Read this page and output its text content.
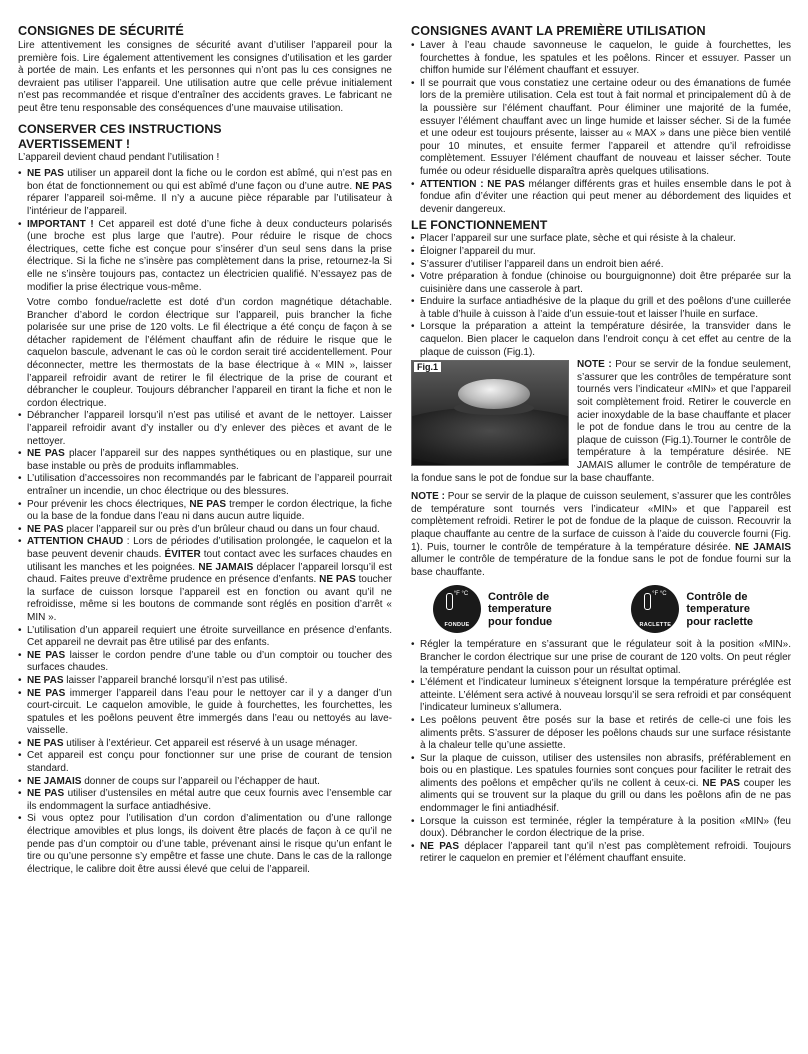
CONSIGNES DE SÉCURITÉ

Lire attentivement les consignes de sécurité avant d’utiliser l’appareil pour la première fois. Lire également attentivement les consignes d’utilisation et les garder à portée de main. Les enfants et les personnes qui n’ont pas lu ces consignes ne devraient pas utiliser l’appareil. Une utilisation autre que celle prévue initialement n’est pas recommandée et risque d’entraîner des accidents graves. Le fabricant ne peut être tenu responsable des conséquences d’une mauvaise utilisation.

CONSERVER CES INSTRUCTIONS
AVERTISSEMENT !

L’appareil devient chaud pendant l’utilisation !

• NE PAS utiliser un appareil dont la fiche ou le cordon est abîmé, qui n’est pas en bon état de fonctionnement ou qui est abîmé d’une façon ou d’une autre. NE PAS réparer l’appareil soi-même. Il n’y a aucune pièce réparable par l’utilisateur à l’intérieur de l’appareil.
• IMPORTANT ! Cet appareil est doté d’une fiche à deux conducteurs polarisés (une broche est plus large que l’autre). Pour réduire le risque de chocs électriques, cette fiche est conçue pour s’insérer d’un seul sens dans la prise électrique. Si la fiche ne s’insère pas complètement dans la prise, retournez-la Si elle ne s’insère toujours pas, contactez un électricien qualifié. N’essayez pas de modifier la prise électrique vous-même.

Votre combo fondue/raclette est doté d’un cordon magnétique détachable. Brancher d’abord le cordon électrique sur l’appareil, puis brancher la fiche polarisée sur une prise de 120 volts. Le fil électrique a été conçu de façon à se détacher rapidement de l’élément chauffant afin de réduire le risque que le caquelon bascule, advenant le cas où le cordon serait tiré accidentellement. Pour déconnecter, mettre les thermostats de la base électrique à « MIN », laisser l’appareil refroidir avant de retirer le fil électrique de la prise de courant et débrancher le coupleur. Toujours débrancher l’appareil en tirant la fiche et non le cordon électrique.

• Débrancher l’appareil lorsqu’il n’est pas utilisé et avant de le nettoyer. Laisser l’appareil refroidir avant d’y installer ou d’y enlever des pièces et avant de le nettoyer.
• NE PAS placer l’appareil sur des nappes synthétiques ou en plastique, sur une base instable ou près de produits inflammables.
• L’utilisation d’accessoires non recommandés par le fabricant de l’appareil pourrait entraîner un incendie, un choc électrique ou des blessures.
• Pour prévenir les chocs électriques, NE PAS tremper le cordon électrique, la fiche ou la base de la fondue dans l’eau ni dans aucun autre liquide.
• NE PAS placer l’appareil sur ou près d’un brûleur chaud ou dans un four chaud.
• ATTENTION CHAUD : Lors de périodes d’utilisation prolongée, le caquelon et la base peuvent devenir chauds. ÉVITER tout contact avec les surfaces chaudes en utilisant les manches et les poignées. NE JAMAIS déplacer l’appareil lorsqu’il est chaud. Faites preuve d’extrême prudence en présence d’enfants. NE PAS toucher la surface de cuisson lorsque l’appareil est en fonction ou avant qu’il ne refroidisse, même si les boutons de commande sont réglés en position d’arrêt « MIN ».
• L’utilisation d’un appareil requiert une étroite surveillance en présence d’enfants. Cet appareil ne devrait pas être utilisé par des enfants.
• NE PAS laisser le cordon pendre d’une table ou d’un comptoir ou toucher des surfaces chaudes.
• NE PAS laisser l’appareil branché lorsqu’il n’est pas utilisé.
• NE PAS immerger l’appareil dans l’eau pour le nettoyer car il y a danger d’un court-circuit. Le caquelon amovible, le guide à fourchettes, les fourchettes, les spatules et les poêlons peuvent être immergés dans l’eau ou nettoyés au lave-vaisselle.
• NE PAS utiliser à l’extérieur. Cet appareil est réservé à un usage ménager.
• Cet appareil est conçu pour fonctionner sur une prise de courant de tension standard.
• NE JAMAIS donner de coups sur l’appareil ou l’échapper de haut.
• NE PAS utiliser d’ustensiles en métal autre que ceux fournis avec l’ensemble car ils endommagent la surface antiadhésive.
• Si vous optez pour l’utilisation d’un cordon d’alimentation ou d’une rallonge électrique amovibles et plus longs, ils doivent être placés de façon à ce qu’il ne pende pas d’un comptoir ou d’une table, prévenant ainsi le risque qu’un enfant le tire ou qu’une personne s’y empêtre et fasse une chute. Dans le cas de la rallonge électrique, le calibre doit être aussi élevé que celui de l’appareil.
CONSIGNES AVANT LA PREMIÈRE UTILISATION
• Laver à l’eau chaude savonneuse le caquelon, le guide à fourchettes, les fourchettes à fondue, les spatules et les poêlons. Rincer et essuyer. Passer un chiffon humide sur l’élément chauffant et essuyer.
• Il se pourrait que vous constatiez une certaine odeur ou des émanations de fumée lors de la première utilisation. Cela est tout à fait normal et principalement dû à de la poussière sur l’élément chauffant. Pour éliminer une majorité de la fumée, essuyer l’élément chauffant avec un linge humide et laisser sécher. Si de la fumée et une odeur est toujours présente, laisser au « MAX » dans une pièce bien ventilé pour 10 minutes, et ensuite fermer l’appareil et attendre qu’il refroidisse complètement. Essuyer l’élément chauffant de nouveau et laisser sécher. Toute fumée ou odeur résiduelle disparaîtra après quelques utilisations.
• ATTENTION : NE PAS mélanger différents gras et huiles ensemble dans le pot à fondue afin d’éviter une réaction qui peut mener au débordement des liquides et devenir dangereux.
LE FONCTIONNEMENT
• Placer l’appareil sur une surface plate, sèche et qui résiste à la chaleur.
• Éloigner l’appareil du mur.
• S’assurer d’utiliser l’appareil dans un endroit bien aéré.
• Votre préparation à fondue (chinoise ou bourguignonne) doit être préparée sur la cuisinière dans une casserole à part.
• Enduire la surface antiadhésive de la plaque du grill et des poêlons d’une cuillerée à table d’huile à cuisson à l’aide d’un essuie-tout et laisser l’huile en surface.
• Lorsque la préparation a atteint la température désirée, la transvider dans le caquelon. Bien placer le caquelon dans l’endroit conçu à cet effet au centre de la plaque de cuisson (Fig.1).
Fig.1	NOTE : Pour se servir de la fondue seulement, s’assurer que les contrôles de température sont tournés vers l’indicateur «MIN» et que l’appareil soit complètement froid. Retirer le couvercle en acier inoxydable de la base chauffante et placer le pot de fondue dans le trou au centre de la plaque de cuisson (Fig.1).Tourner le contrôle de température à la température désirée. NE JAMAIS allumer le contrôle de température de la fondue sans le pot de fondue sur la base chauffante.

NOTE : Pour se servir de la plaque de cuisson seulement, s’assurer que les contrôles de température sont tournés vers l’indicateur «MIN» et que l’appareil est complètement refroidi. Retirer le pot de fondue de la plaque de cuisson. Recouvrir la plaque chauffante au centre de la surface de cuisson à l’aide du couvercle fourni (Fig. 1). Puis, tourner le contrôle de température à la température désirée. NE JAMAIS allumer le contrôle de température de la fondue sans le pot de fondue fourni sur la base chauffante.

$^{^\circ F ^\circ C}$
FONDUE
Contrôle de
temperature
pour fondue
$^{^\circ F ^\circ C}$
RACLETTE
Contrôle de
temperature
pour raclette
• Régler la température en s’assurant que le régulateur soit à la position «MIN». Brancher le cordon électrique sur une prise de courant de 120 volts. On peut régler la température pendant la cuisson pour un résultat optimal.
• L’élément et l’indicateur lumineux s’éteignent lorsque la température préréglée est atteinte. L’élément sera activé à nouveau lorsqu’il se sera refroidi et par conséquent l’indicateur lumineux s’allumera.
• Les poêlons peuvent être posés sur la base et retirés de celle-ci une fois les aliments prêts. S’assurer de déposer les poêlons chauds sur une surface résistante à la chaleur telle qu’une assiette.
• Sur la plaque de cuisson, utiliser des ustensiles non abrasifs, préférablement en bois ou en plastique. Les spatules fournies sont conçues pour faciliter le retrait des aliments des poêlons et empêcher qu’ils ne collent à ceux-ci. NE PAS couper les aliments qui se trouvent sur la plaque du grill ou dans les poêlons afin de ne pas endommager le fini antiadhésif.
• Lorsque la cuisson est terminée, régler la température à la position «MIN» (feu doux). Débrancher le cordon électrique de la prise.
• NE PAS déplacer l’appareil tant qu’il n’est pas complètement refroidi. Toujours retirer le caquelon en premier et l’élément chauffant ensuite.
